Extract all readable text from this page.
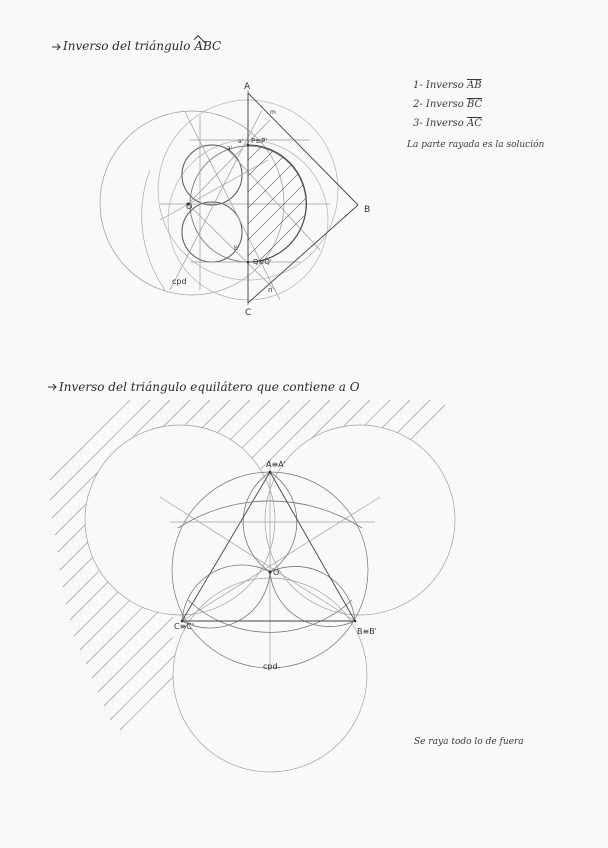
Inverso del triángulo ABC
1- Inverso $\overline{AB}$
2- Inverso $\overline{BC}$
3- Inverso $\overline{AC}$
La parte rayada es la solución
A
B
C
O
cpd
P≡P'
Q≡Q'
m
n
a'
b'
a'
Inverso del triángulo equilátero que contiene a O
A≡A'
B≡B'
C≡C'
O
cpd
Se raya todo lo de fuera
